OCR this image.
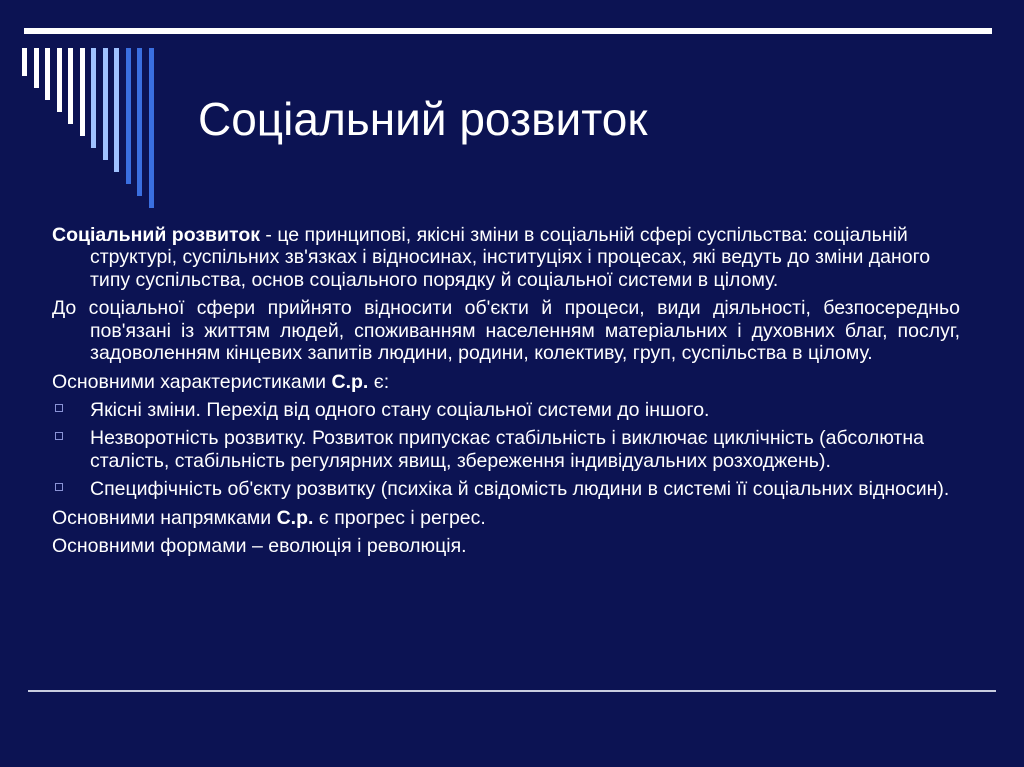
Соціальний розвиток

Соціальний розвиток - це принципові, якісні зміни в соціальній сфері суспільства: соціальній структурі, суспільних зв'язках і відносинах, інституціях і процесах, які ведуть до зміни даного типу суспільства, основ соціального порядку й соціальної системи в цілому.

До соціальної сфери прийнято відносити об'єкти й процеси, види діяльності, безпосередньо пов'язані із життям людей, споживанням населенням матеріальних і духовних благ, послуг, задоволенням кінцевих запитів людини, родини, колективу, груп, суспільства в цілому.

Основними характеристиками С.р. є:

Якісні зміни. Перехід від одного стану соціальної системи до іншого.
Незворотність розвитку. Розвиток припускає стабільність і виключає циклічність (абсолютна сталість, стабільність регулярних явищ, збереження індивідуальних розходжень).
Специфічність об'єкту розвитку (психіка й свідомість людини в системі її соціальних відносин).

Основними напрямками С.р. є прогрес і регрес.

Основними формами – еволюція і революція.
